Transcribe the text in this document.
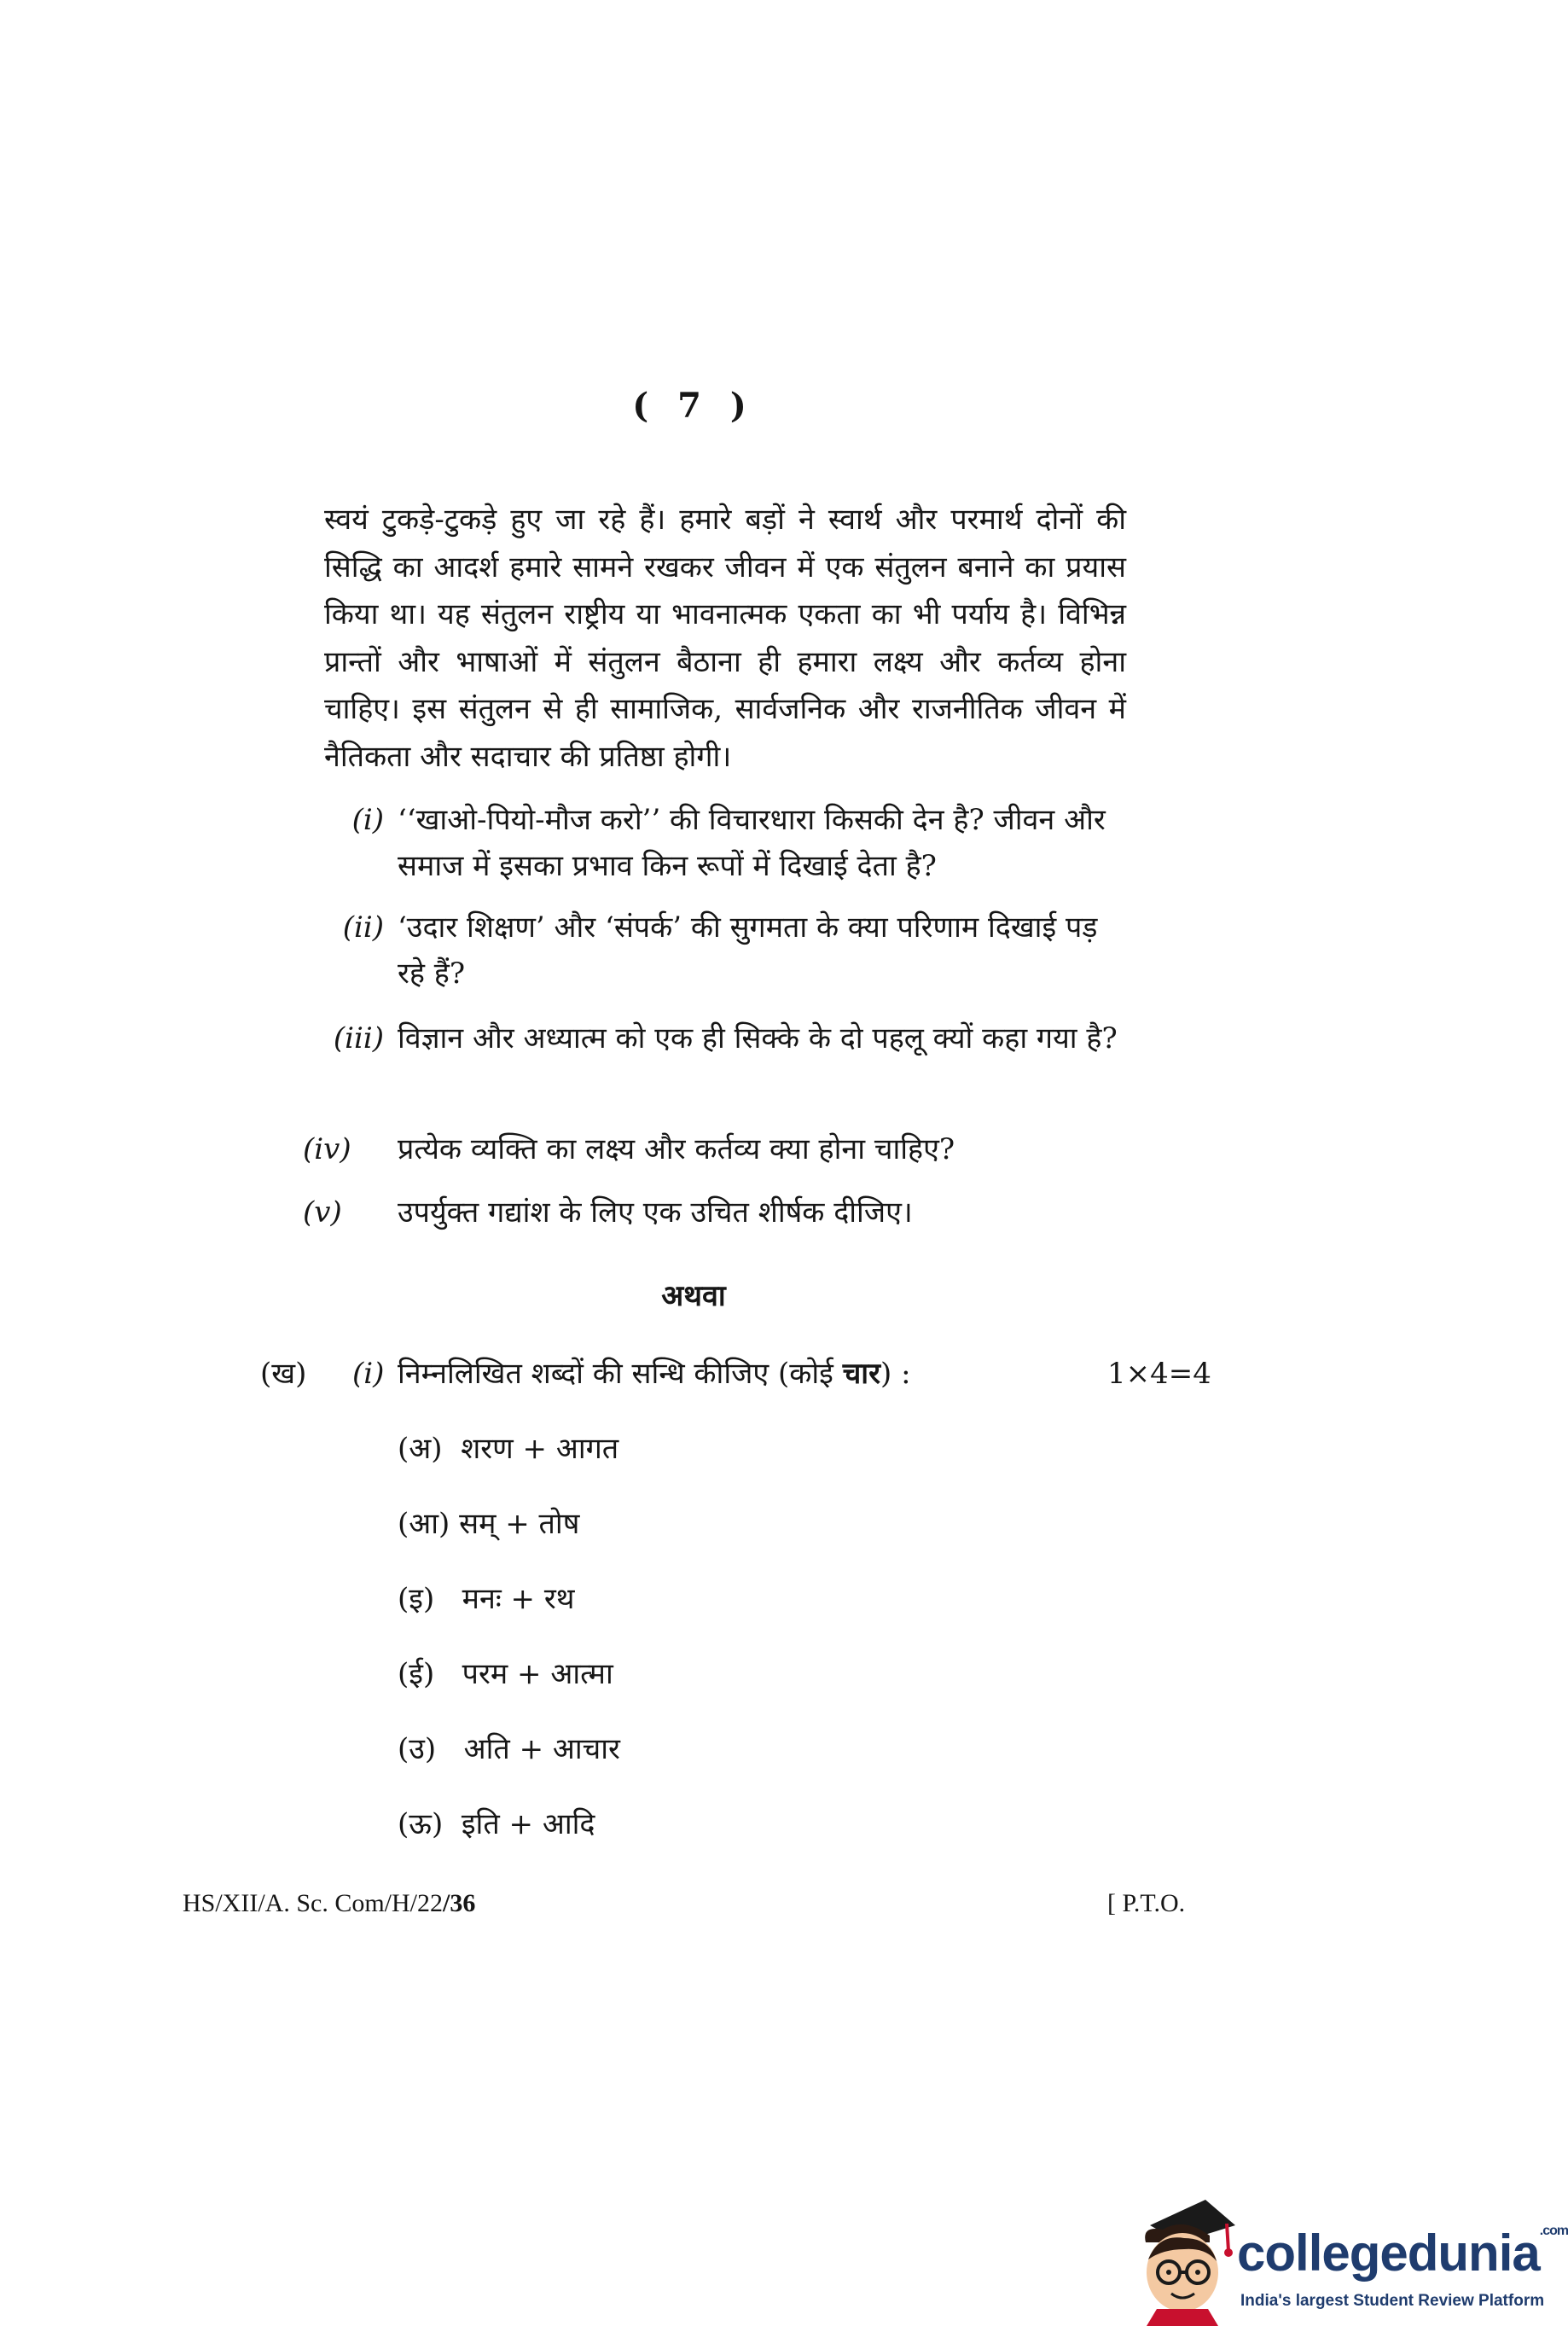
( 7 )
स्वयं टुकड़े-टुकड़े हुए जा रहे हैं। हमारे बड़ों ने स्वार्थ और परमार्थ दोनों की सिद्धि का आदर्श हमारे सामने रखकर जीवन में एक संतुलन बनाने का प्रयास किया था। यह संतुलन राष्ट्रीय या भावनात्मक एकता का भी पर्याय है। विभिन्न प्रान्तों और भाषाओं में संतुलन बैठाना ही हमारा लक्ष्य और कर्तव्य होना चाहिए। इस संतुलन से ही सामाजिक, सार्वजनिक और राजनीतिक जीवन में नैतिकता और सदाचार की प्रतिष्ठा होगी।
(i) ‘‘खाओ-पियो-मौज करो’’ की विचारधारा किसकी देन है? जीवन और समाज में इसका प्रभाव किन रूपों में दिखाई देता है?
(ii) ‘उदार शिक्षण’ और ‘संपर्क’ की सुगमता के क्या परिणाम दिखाई पड़ रहे हैं?
(iii) विज्ञान और अध्यात्म को एक ही सिक्के के दो पहलू क्यों कहा गया है?
(iv)	प्रत्येक व्यक्ति का लक्ष्य और कर्तव्य क्या होना चाहिए?
(v)	उपर्युक्त गद्यांश के लिए एक उचित शीर्षक दीजिए।
अथवा
(ख) (i) निम्नलिखित शब्दों की सन्धि कीजिए (कोई चार) :	1×4=4
(अ) शरण + आगत
(आ) सम् + तोष
(इ) मनः + रथ
(ई) परम + आत्मा
(उ) अति + आचार
(ऊ) इति + आदि
HS/XII/A. Sc. Com/H/22/36	[ P.T.O.
collegedunia$^{.com}$
India's largest Student Review Platform
